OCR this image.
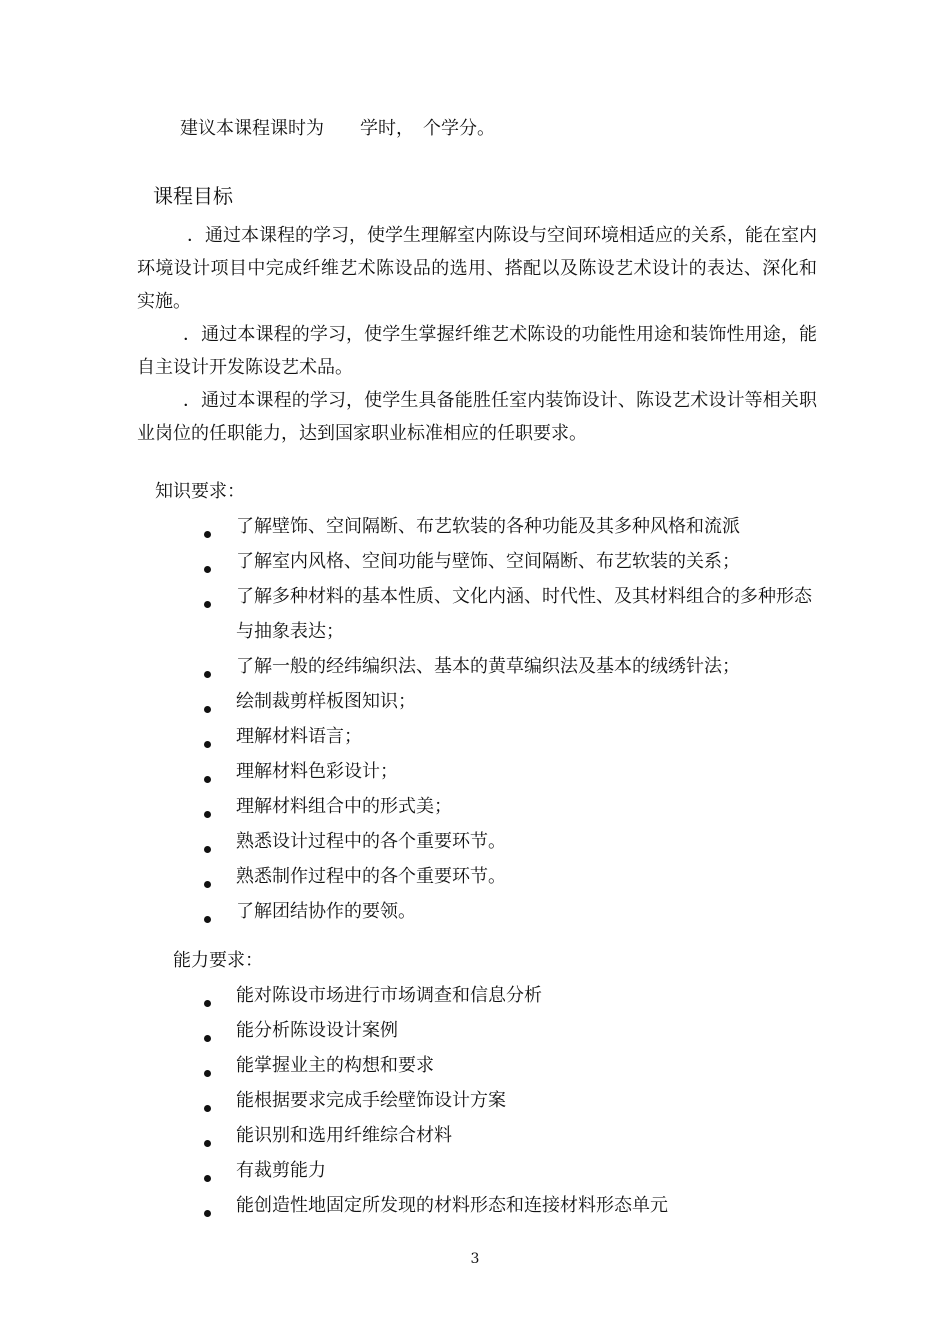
建议本课程课时为　　学时，　个学分。
课程目标
．通过本课程的学习，使学生理解室内陈设与空间环境相适应的关系，能在室内环境设计项目中完成纤维艺术陈设品的选用、搭配以及陈设艺术设计的表达、深化和实施。
．通过本课程的学习，使学生掌握纤维艺术陈设的功能性用途和装饰性用途，能自主设计开发陈设艺术品。
．通过本课程的学习，使学生具备能胜任室内装饰设计、陈设艺术设计等相关职业岗位的任职能力，达到国家职业标准相应的任职要求。
知识要求：
了解壁饰、空间隔断、布艺软装的各种功能及其多种风格和流派
了解室内风格、空间功能与壁饰、空间隔断、布艺软装的关系；
了解多种材料的基本性质、文化内涵、时代性、及其材料组合的多种形态与抽象表达；
了解一般的经纬编织法、基本的黄草编织法及基本的绒绣针法；
绘制裁剪样板图知识；
理解材料语言；
理解材料色彩设计；
理解材料组合中的形式美；
熟悉设计过程中的各个重要环节。
熟悉制作过程中的各个重要环节。
了解团结协作的要领。
能力要求：
能对陈设市场进行市场调查和信息分析
能分析陈设设计案例
能掌握业主的构想和要求
能根据要求完成手绘壁饰设计方案
能识别和选用纤维综合材料
有裁剪能力
能创造性地固定所发现的材料形态和连接材料形态单元
3
